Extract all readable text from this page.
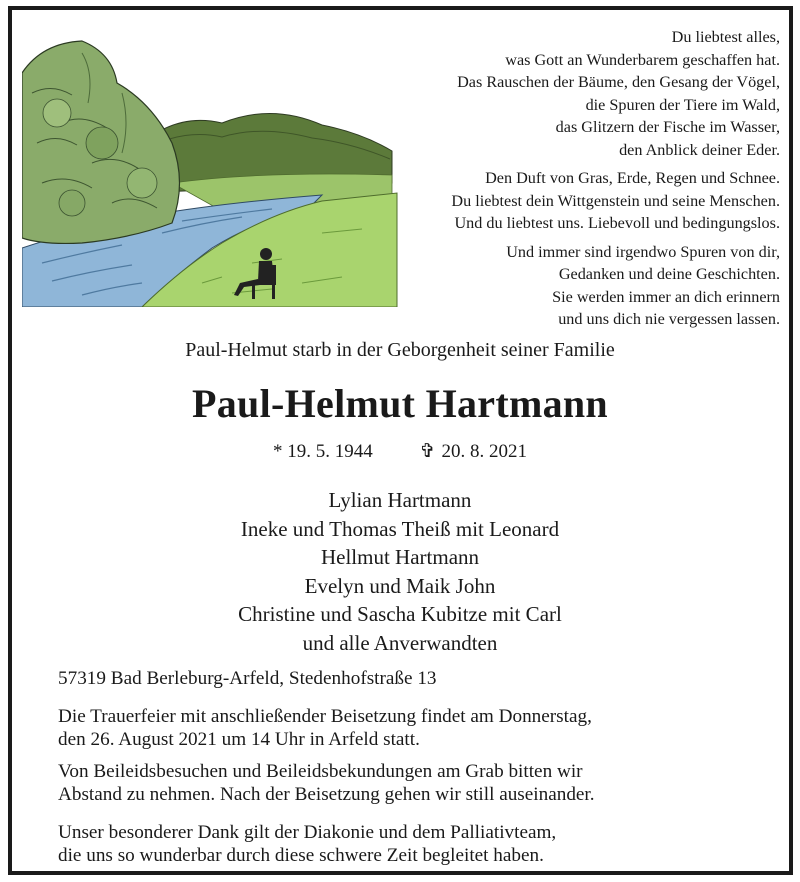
Du liebtest alles,
was Gott an Wunderbarem geschaffen hat.
Das Rauschen der Bäume, den Gesang der Vögel,
die Spuren der Tiere im Wald,
das Glitzern der Fische im Wasser,
den Anblick deiner Eder.
Den Duft von Gras, Erde, Regen und Schnee.
Du liebtest dein Wittgenstein und seine Menschen.
Und du liebtest uns. Liebevoll und bedingungslos.
Und immer sind irgendwo Spuren von dir,
Gedanken und deine Geschichten.
Sie werden immer an dich erinnern
und uns dich nie vergessen lassen.
Paul-Helmut starb in der Geborgenheit seiner Familie
Paul-Helmut Hartmann
* 19. 5. 1944 ✞ 20. 8. 2021
Lylian Hartmann
Ineke und Thomas Theiß mit Leonard
Hellmut Hartmann
Evelyn und Maik John
Christine und Sascha Kubitze mit Carl
und alle Anverwandten
57319 Bad Berleburg-Arfeld, Stedenhofstraße 13
Die Trauerfeier mit anschließender Beisetzung findet am Donnerstag,
den 26. August 2021 um 14 Uhr in Arfeld statt.
Von Beileidsbesuchen und Beileidsbekundungen am Grab bitten wir
Abstand zu nehmen. Nach der Beisetzung gehen wir still auseinander.
Unser besonderer Dank gilt der Diakonie und dem Palliativteam,
die uns so wunderbar durch diese schwere Zeit begleitet haben.
